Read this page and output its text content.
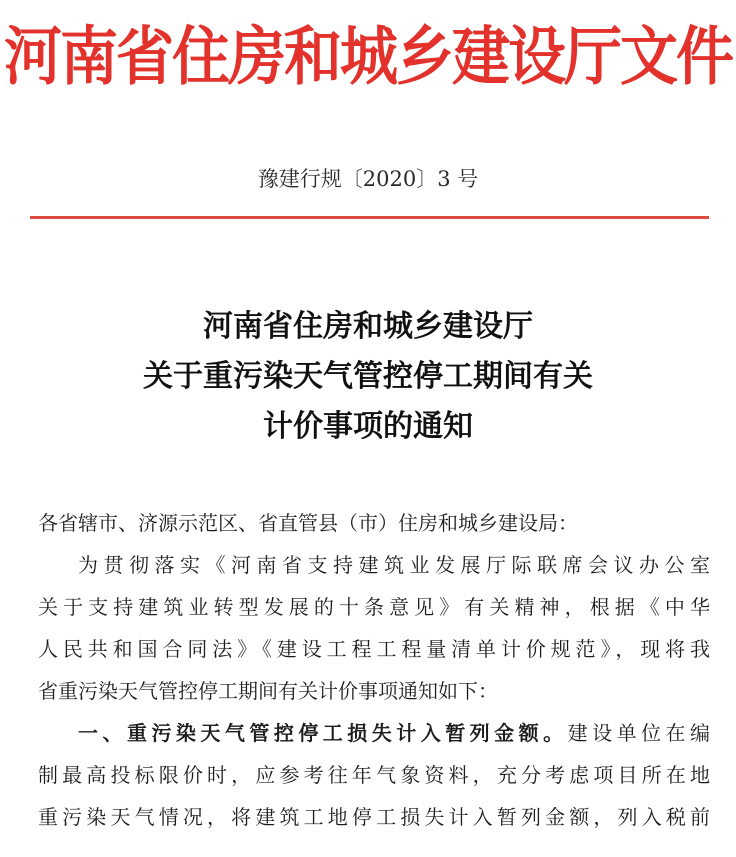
河南省住房和城乡建设厅文件
豫建行规〔2020〕3 号
河南省住房和城乡建设厅
关于重污染天气管控停工期间有关
计价事项的通知
各省辖市、济源示范区、省直管县（市）住房和城乡建设局：
为贯彻落实《河南省支持建筑业发展厅际联席会议办公室
关于支持建筑业转型发展的十条意见》有关精神，根据《中华
人民共和国合同法》《建设工程工程量清单计价规范》，现将我
省重污染天气管控停工期间有关计价事项通知如下：
一、重污染天气管控停工损失计入暂列金额。建设单位在编
制最高投标限价时，应参考往年气象资料，充分考虑项目所在地
重污染天气情况，将建筑工地停工损失计入暂列金额，列入税前
